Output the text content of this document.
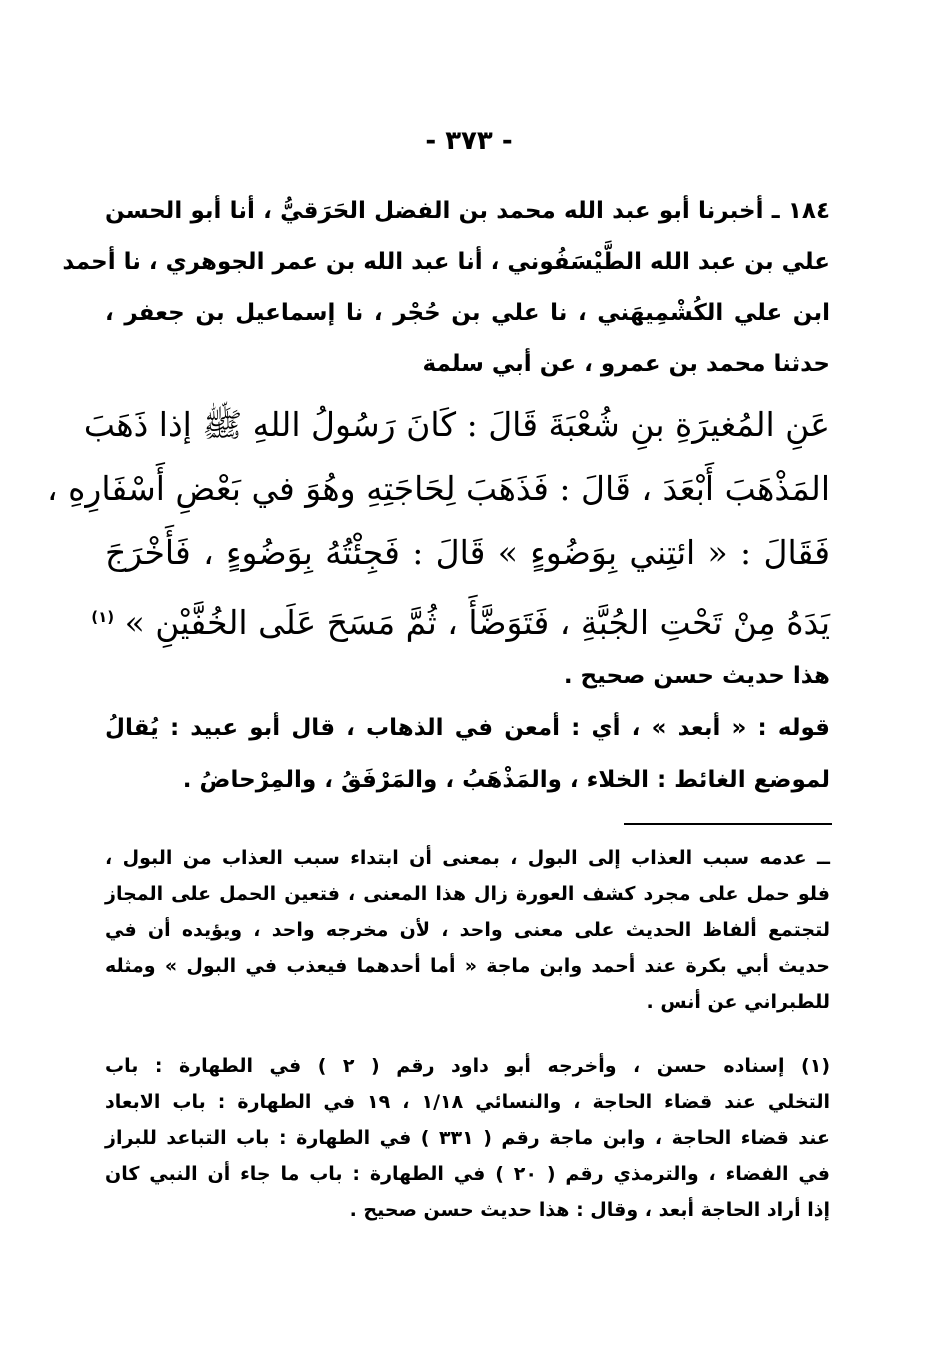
- ٣٧٣ -
١٨٤ ـ أخبرنا أبو عبد الله محمد بن الفضل الحَرَقيُّ ، أنا أبو الحسن
علي بن عبد الله الطَّيْسَفُوني ، أنا عبد الله بن عمر الجوهري ، نا أحمد
ابن علي الكُشْمِيهَني ، نا علي بن حُجْر ، نا إسماعيل بن جعفر ،
حدثنا محمد بن عمرو ، عن أبي سلمة
عَنِ المُغيرَةِ بنِ شُعْبَةَ قَالَ : كَانَ رَسُولُ اللهِ ﷺ إذا ذَهَبَ
المَذْهَبَ أَبْعَدَ ، قَالَ : فَذَهَبَ لِحَاجَتِهِ وهُوَ في بَعْضِ أَسْفَارِهِ ،
فَقَالَ : « ائتِني بِوَضُوءٍ » قَالَ : فَجِئْتُهُ بِوَضُوءٍ ، فَأَخْرَجَ
يَدَهُ مِنْ تَحْتِ الجُبَّةِ ، فَتَوَضَّأَ ، ثُمَّ مَسَحَ عَلَى الخُفَّيْنِ » $^{(١)}$
هذا حديث حسن صحيح .
قوله : « أبعد » ، أي : أمعن في الذهاب ، قال أبو عبيد : يُقالُ
لموضع الغائط : الخلاء ، والمَذْهَبُ ، والمَرْفَقُ ، والمِرْحاضُ .
ــ عدمه سبب العذاب إلى البول ، بمعنى أن ابتداء سبب العذاب من البول ،
فلو حمل على مجرد كشف العورة زال هذا المعنى ، فتعين الحمل على المجاز
لتجتمع ألفاظ الحديث على معنى واحد ، لأن مخرجه واحد ، ويؤيده أن في
حديث أبي بكرة عند أحمد وابن ماجة « أما أحدهما فيعذب في البول » ومثله
للطبراني عن أنس .
(١) إسناده حسن ، وأخرجه أبو داود رقم ( ٢ ) في الطهارة : باب
التخلي عند قضاء الحاجة ، والنسائي ١/١٨ ، ١٩ في الطهارة : باب الابعاد
عند قضاء الحاجة ، وابن ماجة رقم ( ٣٣١ ) في الطهارة : باب التباعد للبراز
في الفضاء ، والترمذي رقم ( ٢٠ ) في الطهارة : باب ما جاء أن النبي كان
إذا أراد الحاجة أبعد ، وقال : هذا حديث حسن صحيح .
